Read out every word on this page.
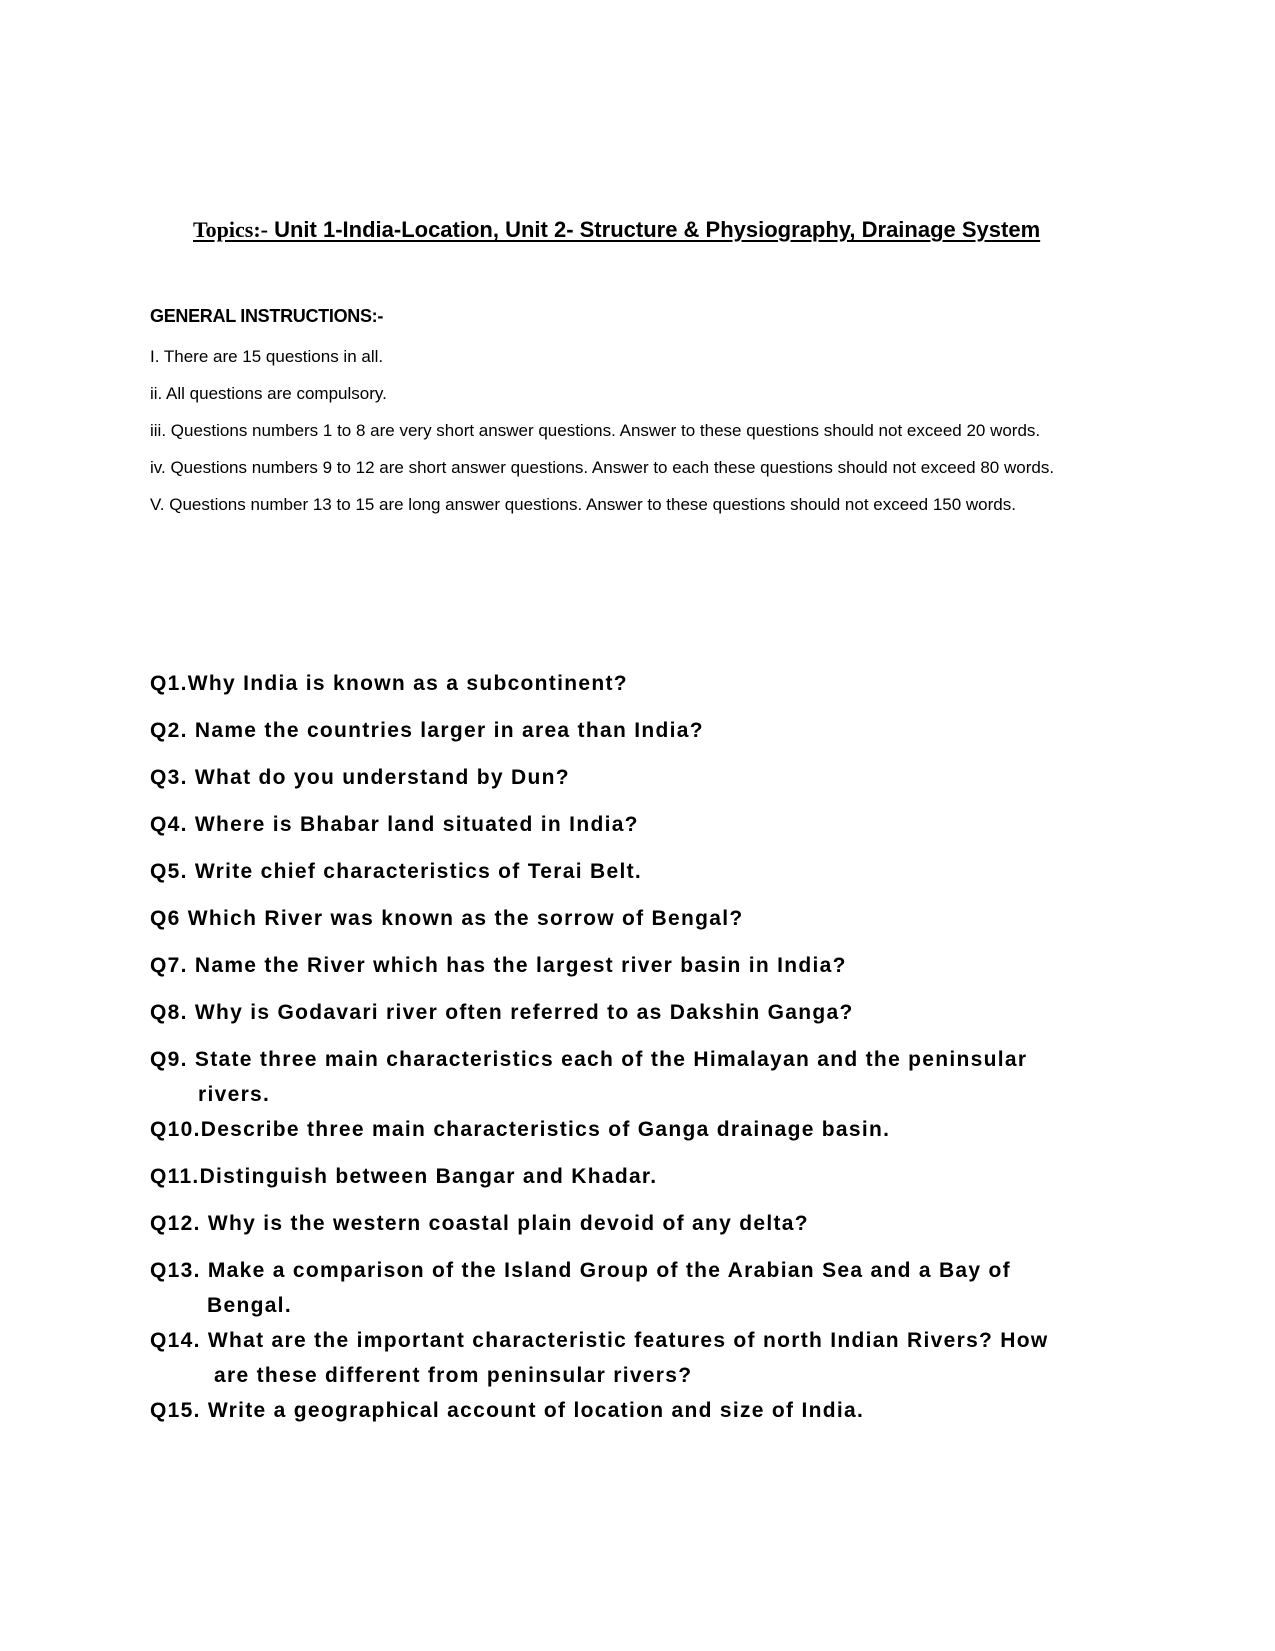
Topics:- Unit 1-India-Location, Unit 2- Structure & Physiography, Drainage System
GENERAL INSTRUCTIONS:-
I. There are 15 questions in all.
ii. All questions are compulsory.
iii. Questions numbers 1 to 8 are very short answer questions. Answer to these questions should not exceed 20 words.
iv. Questions numbers 9 to 12 are short answer questions. Answer to each these questions should not exceed 80 words.
V. Questions number 13 to 15 are long answer questions. Answer to these questions should not exceed 150 words.
Q1.Why India is known as a subcontinent?
Q2. Name the countries larger in area than India?
Q3. What do you understand by Dun?
Q4. Where is Bhabar land situated in India?
Q5. Write chief characteristics of Terai Belt.
Q6 Which River was known as the sorrow of Bengal?
Q7. Name the River which has the largest river basin in India?
Q8. Why is Godavari river often referred to as Dakshin Ganga?
Q9. State three main characteristics each of the Himalayan and the peninsular
rivers.
Q10.Describe three main characteristics of Ganga drainage basin.
Q11.Distinguish between Bangar and Khadar.
Q12. Why is the western coastal plain devoid of any delta?
Q13. Make a comparison of the Island Group of the Arabian Sea and a Bay of
Bengal.
Q14. What are the important characteristic features of north Indian Rivers? How
are these different from peninsular rivers?
Q15. Write a geographical account of location and size of India.
